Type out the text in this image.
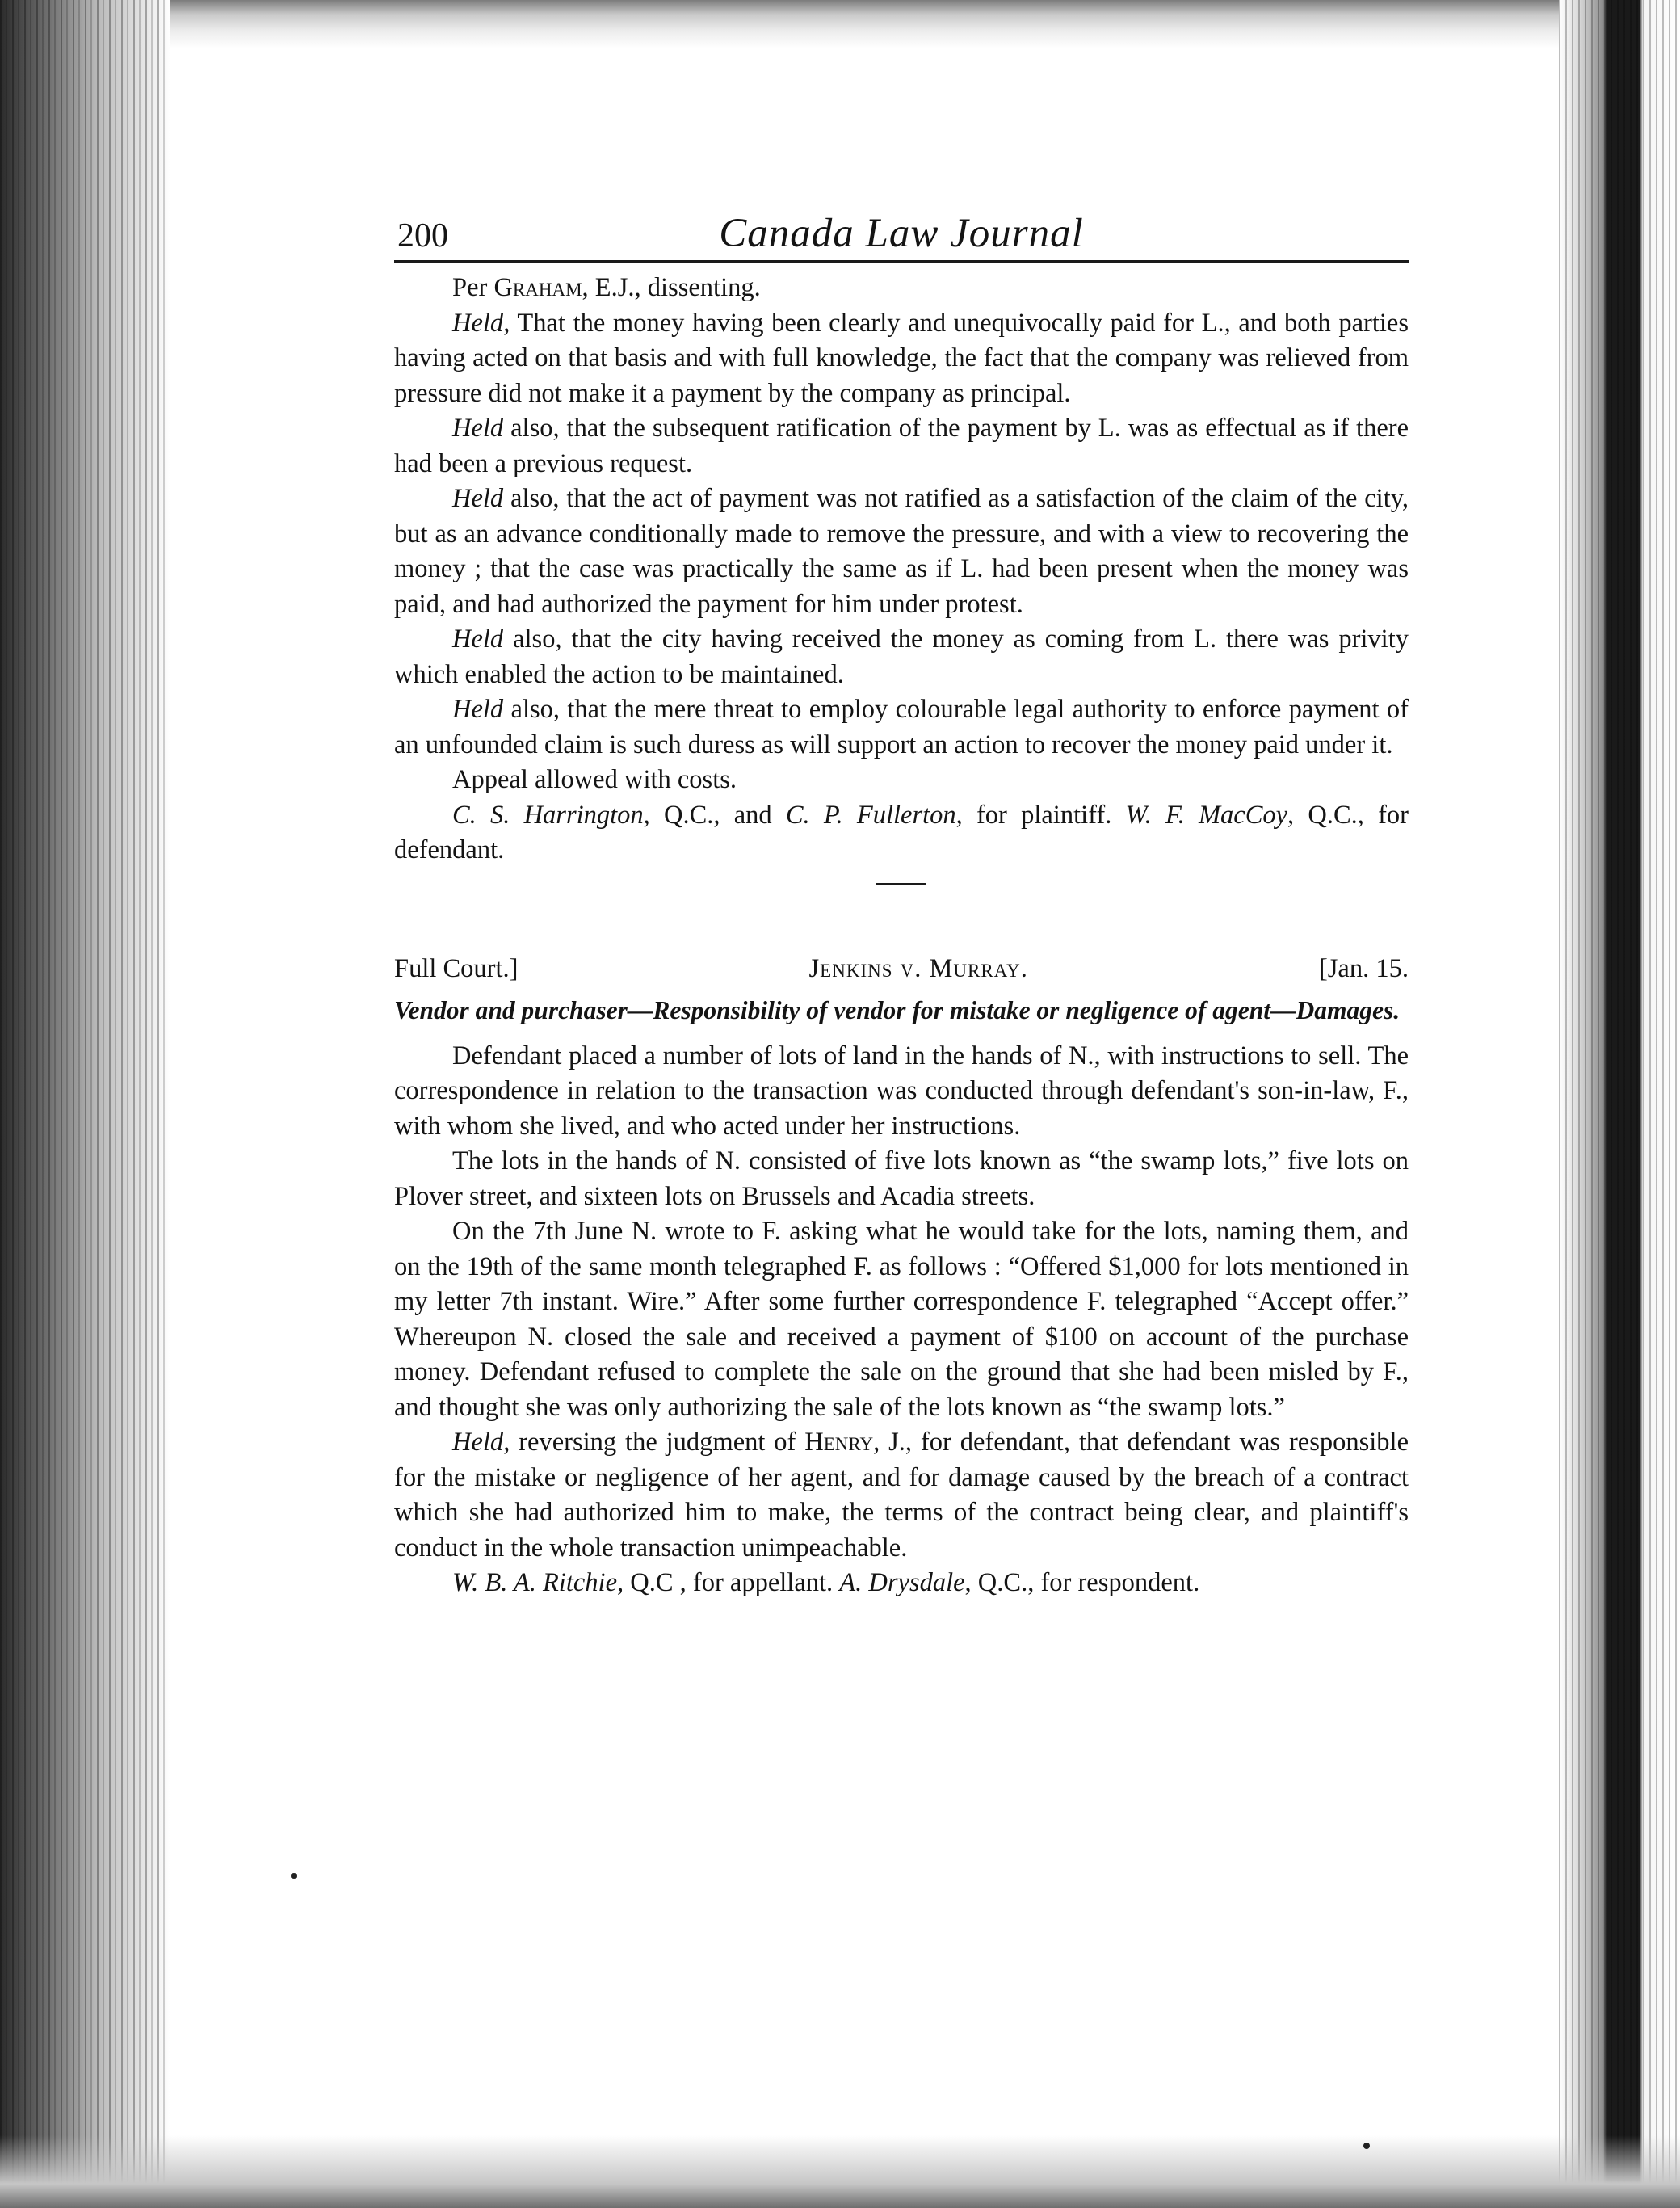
200	Canada Law Journal

Per Graham, E.J., dissenting.

Held, That the money having been clearly and unequivocally paid for L., and both parties having acted on that basis and with full knowledge, the fact that the company was relieved from pressure did not make it a payment by the company as principal.

Held also, that the subsequent ratification of the payment by L. was as effectual as if there had been a previous request.

Held also, that the act of payment was not ratified as a satisfaction of the claim of the city, but as an advance conditionally made to remove the pressure, and with a view to recovering the money ; that the case was practically the same as if L. had been present when the money was paid, and had authorized the payment for him under protest.

Held also, that the city having received the money as coming from L. there was privity which enabled the action to be maintained.

Held also, that the mere threat to employ colourable legal authority to enforce payment of an unfounded claim is such duress as will support an action to recover the money paid under it.

Appeal allowed with costs.

C. S. Harrington, Q.C., and C. P. Fullerton, for plaintiff. W. F. MacCoy, Q.C., for defendant.

Full Court.]	Jenkins v. Murray.	[Jan. 15.
Vendor and purchaser—Responsibility of vendor for mistake or negligence of agent—Damages.

Defendant placed a number of lots of land in the hands of N., with instructions to sell. The correspondence in relation to the transaction was conducted through defendant's son-in-law, F., with whom she lived, and who acted under her instructions.

The lots in the hands of N. consisted of five lots known as “the swamp lots,” five lots on Plover street, and sixteen lots on Brussels and Acadia streets.

On the 7th June N. wrote to F. asking what he would take for the lots, naming them, and on the 19th of the same month telegraphed F. as follows : “Offered $1,000 for lots mentioned in my letter 7th instant. Wire.” After some further correspondence F. telegraphed “Accept offer.” Whereupon N. closed the sale and received a payment of $100 on account of the purchase money. Defendant refused to complete the sale on the ground that she had been misled by F., and thought she was only authorizing the sale of the lots known as “the swamp lots.”

Held, reversing the judgment of Henry, J., for defendant, that defendant was responsible for the mistake or negligence of her agent, and for damage caused by the breach of a contract which she had authorized him to make, the terms of the contract being clear, and plaintiff's conduct in the whole transaction unimpeachable.

W. B. A. Ritchie, Q.C , for appellant. A. Drysdale, Q.C., for respondent.
